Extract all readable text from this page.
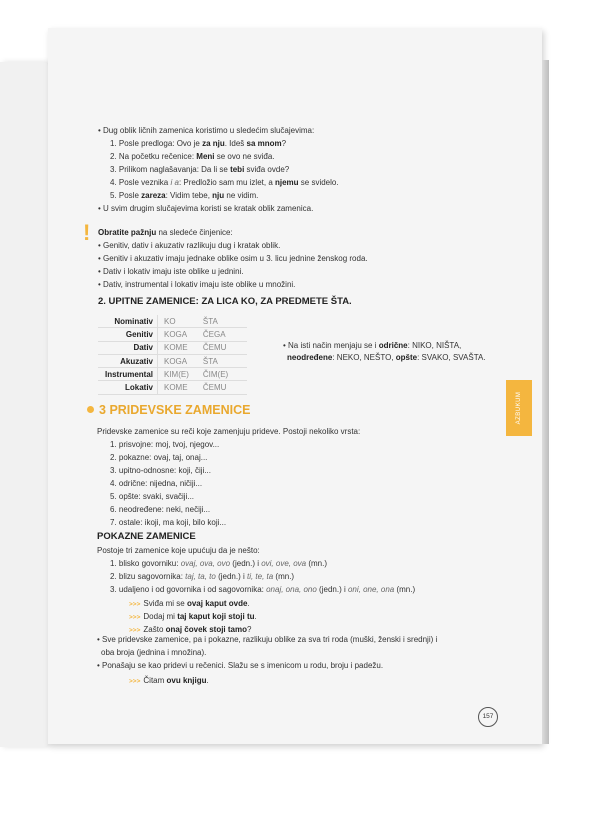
• Dug oblik ličnih zamenica koristimo u sledećim slučajevima:
1. Posle predloga: Ovo je za nju. Ideš sa mnom?
2. Na početku rečenice: Meni se ovo ne sviđa.
3. Prilikom naglašavanja: Da li se tebi sviđa ovde?
4. Posle veznika i a: Predložio sam mu izlet, a njemu se svidelo.
5. Posle zareza: Vidim tebe, nju ne vidim.
• U svim drugim slučajevima koristi se kratak oblik zamenica.
! Obratite pažnju na sledeće činjenice:
• Genitiv, dativ i akuzativ razlikuju dug i kratak oblik.
• Genitiv i akuzativ imaju jednake oblike osim u 3. licu jednine ženskog roda.
• Dativ i lokativ imaju iste oblike u jednini.
• Dativ, instrumental i lokativ imaju iste oblike u množini.
2. UPITNE ZAMENICE: ZA LICA KO, ZA PREDMETE ŠTA.
Nominativ	KO	ŠTA
Genitiv	KOGA	ČEGA
Dativ	KOME	ČEMU
Akuzativ	KOGA	ŠTA
Instrumental	KIM(E)	ČIM(E)
Lokativ	KOME	ČEMU
• Na isti način menjaju se i odrične: NIKO, NIŠTA,
neodređene: NEKO, NEŠTO, opšte: SVAKO, SVAŠTA.
AZBUKUM
3 PRIDEVSKE ZAMENICE
Pridevske zamenice su reči koje zamenjuju prideve. Postoji nekoliko vrsta:
1. prisvojne: moj, tvoj, njegov...
2. pokazne: ovaj, taj, onaj...
3. upitno-odnosne: koji, čiji...
4. odrične: nijedna, ničiji...
5. opšte: svaki, svačiji...
6. neodređene: neki, nečiji...
7. ostale: ikoji, ma koji, bilo koji...
POKAZNE ZAMENICE
Postoje tri zamenice koje upućuju da je nešto:
1. blisko govorniku: ovaj, ova, ovo (jedn.) i ovi, ove, ova (mn.)
2. blizu sagovornika: taj, ta, to (jedn.) i ti, te, ta (mn.)
3. udaljeno i od govornika i od sagovornika: onaj, ona, ono (jedn.) i oni, one, ona (mn.)
>>> Sviđa mi se ovaj kaput ovde.
>>> Dodaj mi taj kaput koji stoji tu.
>>> Zašto onaj čovek stoji tamo?
• Sve pridevske zamenice, pa i pokazne, razlikuju oblike za sva tri roda (muški, ženski i srednji) i
oba broja (jednina i množina).
• Ponašaju se kao pridevi u rečenici. Slažu se s imenicom u rodu, broju i padežu.
>>> Čitam ovu knjigu.
157
